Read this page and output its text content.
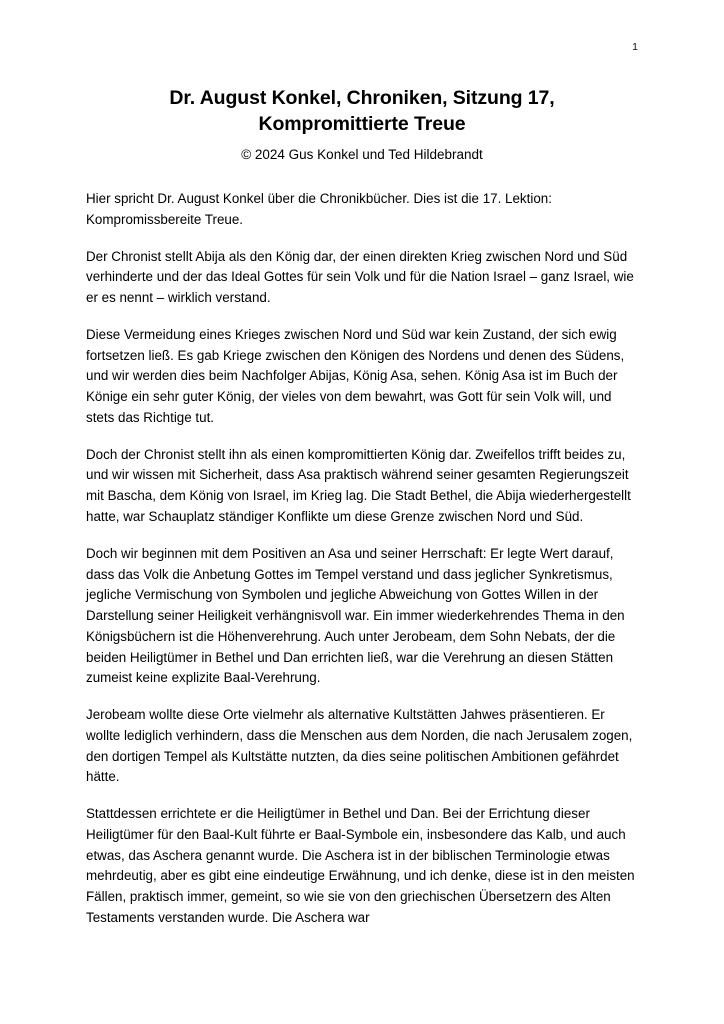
1
Dr. August Konkel, Chroniken, Sitzung 17,
Kompromittierte Treue
© 2024 Gus Konkel und Ted Hildebrandt

Hier spricht Dr. August Konkel über die Chronikbücher. Dies ist die 17. Lektion: Kompromissbereite Treue.

Der Chronist stellt Abija als den König dar, der einen direkten Krieg zwischen Nord und Süd verhinderte und der das Ideal Gottes für sein Volk und für die Nation Israel – ganz Israel, wie er es nennt – wirklich verstand.

Diese Vermeidung eines Krieges zwischen Nord und Süd war kein Zustand, der sich ewig fortsetzen ließ. Es gab Kriege zwischen den Königen des Nordens und denen des Südens, und wir werden dies beim Nachfolger Abijas, König Asa, sehen. König Asa ist im Buch der Könige ein sehr guter König, der vieles von dem bewahrt, was Gott für sein Volk will, und stets das Richtige tut.

Doch der Chronist stellt ihn als einen kompromittierten König dar. Zweifellos trifft beides zu, und wir wissen mit Sicherheit, dass Asa praktisch während seiner gesamten Regierungszeit mit Bascha, dem König von Israel, im Krieg lag. Die Stadt Bethel, die Abija wiederhergestellt hatte, war Schauplatz ständiger Konflikte um diese Grenze zwischen Nord und Süd.

Doch wir beginnen mit dem Positiven an Asa und seiner Herrschaft: Er legte Wert darauf, dass das Volk die Anbetung Gottes im Tempel verstand und dass jeglicher Synkretismus, jegliche Vermischung von Symbolen und jegliche Abweichung von Gottes Willen in der Darstellung seiner Heiligkeit verhängnisvoll war. Ein immer wiederkehrendes Thema in den Königsbüchern ist die Höhenverehrung. Auch unter Jerobeam, dem Sohn Nebats, der die beiden Heiligtümer in Bethel und Dan errichten ließ, war die Verehrung an diesen Stätten zumeist keine explizite Baal-Verehrung.

Jerobeam wollte diese Orte vielmehr als alternative Kultstätten Jahwes präsentieren. Er wollte lediglich verhindern, dass die Menschen aus dem Norden, die nach Jerusalem zogen, den dortigen Tempel als Kultstätte nutzten, da dies seine politischen Ambitionen gefährdet hätte.

Stattdessen errichtete er die Heiligtümer in Bethel und Dan. Bei der Errichtung dieser Heiligtümer für den Baal-Kult führte er Baal-Symbole ein, insbesondere das Kalb, und auch etwas, das Aschera genannt wurde. Die Aschera ist in der biblischen Terminologie etwas mehrdeutig, aber es gibt eine eindeutige Erwähnung, und ich denke, diese ist in den meisten Fällen, praktisch immer, gemeint, so wie sie von den griechischen Übersetzern des Alten Testaments verstanden wurde. Die Aschera war
